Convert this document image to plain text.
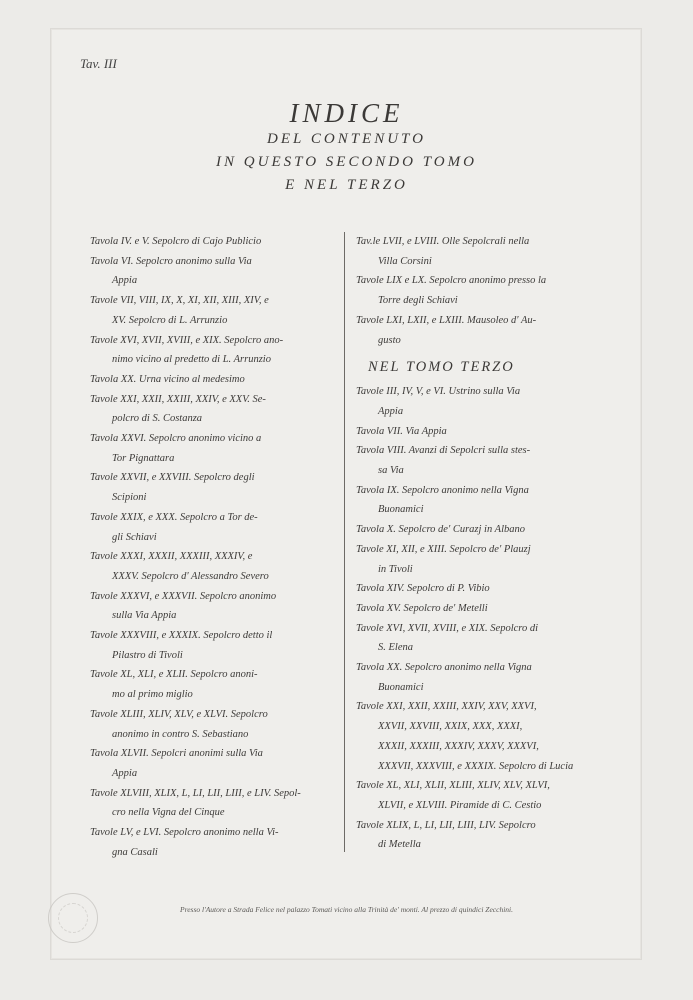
Tav. III
INDICE
DEL CONTENUTO
IN QUESTO SECONDO TOMO
E NEL TERZO
Tavola IV. e V. Sepolcro di Cajo Publicio
Tavola VI. Sepolcro anonimo sulla Via
Appia
Tavole VII, VIII, IX, X, XI, XII, XIII, XIV, e
XV. Sepolcro di L. Arrunzio
Tavole XVI, XVII, XVIII, e XIX. Sepolcro ano-
nimo vicino al predetto di L. Arrunzio
Tavola XX. Urna vicino al medesimo
Tavole XXI, XXII, XXIII, XXIV, e XXV. Se-
polcro di S. Costanza
Tavola XXVI. Sepolcro anonimo vicino a
Tor Pignattara
Tavole XXVII, e XXVIII. Sepolcro degli
Scipioni
Tavole XXIX, e XXX. Sepolcro a Tor de-
gli Schiavi
Tavole XXXI, XXXII, XXXIII, XXXIV, e
XXXV. Sepolcro d' Alessandro Severo
Tavole XXXVI, e XXXVII. Sepolcro anonimo
sulla Via Appia
Tavole XXXVIII, e XXXIX. Sepolcro detto il
Pilastro di Tivoli
Tavole XL, XLI, e XLII. Sepolcro anoni-
mo al primo miglio
Tavole XLIII, XLIV, XLV, e XLVI. Sepolcro
anonimo in contro S. Sebastiano
Tavola XLVII. Sepolcri anonimi sulla Via
Appia
Tavole XLVIII, XLIX, L, LI, LII, LIII, e LIV. Sepol-
cro nella Vigna del Cinque
Tavole LV, e LVI. Sepolcro anonimo nella Vi-
gna Casali
Tav.le LVII, e LVIII. Olle Sepolcrali nella
Villa Corsini
Tavole LIX e LX. Sepolcro anonimo presso la
Torre degli Schiavi
Tavole LXI, LXII, e LXIII. Mausoleo d' Au-
gusto
NEL TOMO TERZO
Tavole III, IV, V, e VI. Ustrino sulla Via
Appia
Tavola VII. Via Appia
Tavola VIII. Avanzi di Sepolcri sulla stes-
sa Via
Tavola IX. Sepolcro anonimo nella Vigna
Buonamici
Tavola X. Sepolcro de' Curazj in Albano
Tavole XI, XII, e XIII. Sepolcro de' Plauzj
in Tivoli
Tavola XIV. Sepolcro di P. Vibio
Tavola XV. Sepolcro de' Metelli
Tavole XVI, XVII, XVIII, e XIX. Sepolcro di
S. Elena
Tavola XX. Sepolcro anonimo nella Vigna
Buonamici
Tavole XXI, XXII, XXIII, XXIV, XXV, XXVI,
XXVII, XXVIII, XXIX, XXX, XXXI,
XXXII, XXXIII, XXXIV, XXXV, XXXVI,
XXXVII, XXXVIII, e XXXIX. Sepolcro di Lucia
Tavole XL, XLI, XLII, XLIII, XLIV, XLV, XLVI,
XLVII, e XLVIII. Piramide di C. Cestio
Tavole XLIX, L, LI, LII, LIII, LIV. Sepolcro
di Metella
Presso l'Autore a Strada Felice nel palazzo Tomati vicino alla Trinità de' monti. Al prezzo di quindici Zecchini.
